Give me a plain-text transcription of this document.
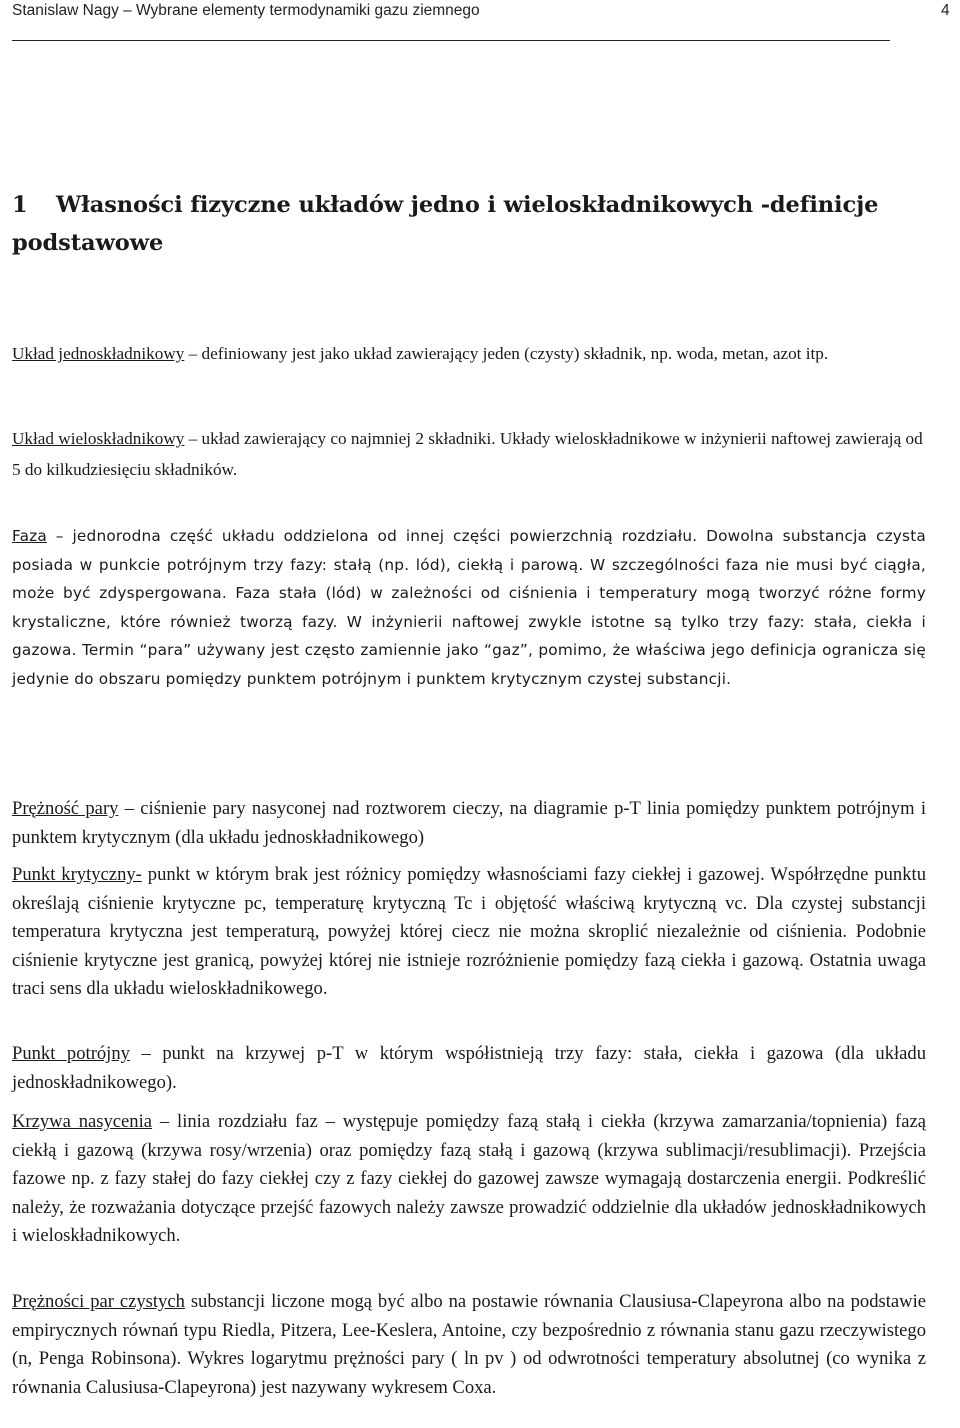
Stanislaw Nagy – Wybrane elementy termodynamiki gazu ziemnego	4
1 Własności fizyczne układów jedno i wieloskładnikowych -definicje podstawowe

Układ jednoskładnikowy – definiowany jest jako układ zawierający jeden (czysty) składnik, np. woda, metan, azot itp.

Układ wieloskładnikowy – układ zawierający co najmniej 2 składniki. Układy wieloskładnikowe w inżynierii naftowej zawierają od 5 do kilkudziesięciu składników.

Faza – jednorodna część układu oddzielona od innej części powierzchnią rozdziału. Dowolna substancja czysta posiada w punkcie potrójnym trzy fazy: stałą (np. lód), ciekłą i parową. W szczególności faza nie musi być ciągła, może być zdyspergowana. Faza stała (lód) w zależności od ciśnienia i temperatury mogą tworzyć różne formy krystaliczne, które również tworzą fazy. W inżynierii naftowej zwykle istotne są tylko trzy fazy: stała, ciekła i gazowa. Termin “para” używany jest często zamiennie jako “gaz”, pomimo, że właściwa jego definicja ogranicza się jedynie do obszaru pomiędzy punktem potrójnym i punktem krytycznym czystej substancji.

Prężność pary – ciśnienie pary nasyconej nad roztworem cieczy, na diagramie p-T linia pomiędzy punktem potrójnym i punktem krytycznym (dla układu jednoskładnikowego)

Punkt krytyczny- punkt w którym brak jest różnicy pomiędzy własnościami fazy ciekłej i gazowej. Współrzędne punktu określają ciśnienie krytyczne pc, temperaturę krytyczną Tc i objętość właściwą krytyczną vc. Dla czystej substancji temperatura krytyczna jest temperaturą, powyżej której ciecz nie można skroplić niezależnie od ciśnienia. Podobnie ciśnienie krytyczne jest granicą, powyżej której nie istnieje rozróżnienie pomiędzy fazą ciekła i gazową. Ostatnia uwaga traci sens dla układu wieloskładnikowego.

Punkt potrójny – punkt na krzywej p-T w którym współistnieją trzy fazy: stała, ciekła i gazowa (dla układu jednoskładnikowego).

Krzywa nasycenia – linia rozdziału faz – występuje pomiędzy fazą stałą i ciekła (krzywa zamarzania/topnienia) fazą ciekłą i gazową (krzywa rosy/wrzenia) oraz pomiędzy fazą stałą i gazową (krzywa sublimacji/resublimacji). Przejścia fazowe np. z fazy stałej do fazy ciekłej czy z fazy ciekłej do gazowej zawsze wymagają dostarczenia energii. Podkreślić należy, że rozważania dotyczące przejść fazowych należy zawsze prowadzić oddzielnie dla układów jednoskładnikowych i wieloskładnikowych.

Prężności par czystych substancji liczone mogą być albo na postawie równania Clausiusa-Clapeyrona albo na podstawie empirycznych równań typu Riedla, Pitzera, Lee-Keslera, Antoine, czy bezpośrednio z równania stanu gazu rzeczywistego (n, Penga Robinsona). Wykres logarytmu prężności pary ( ln pv ) od odwrotności temperatury absolutnej (co wynika z równania Calusiusa-Clapeyrona) jest nazywany wykresem Coxa.
